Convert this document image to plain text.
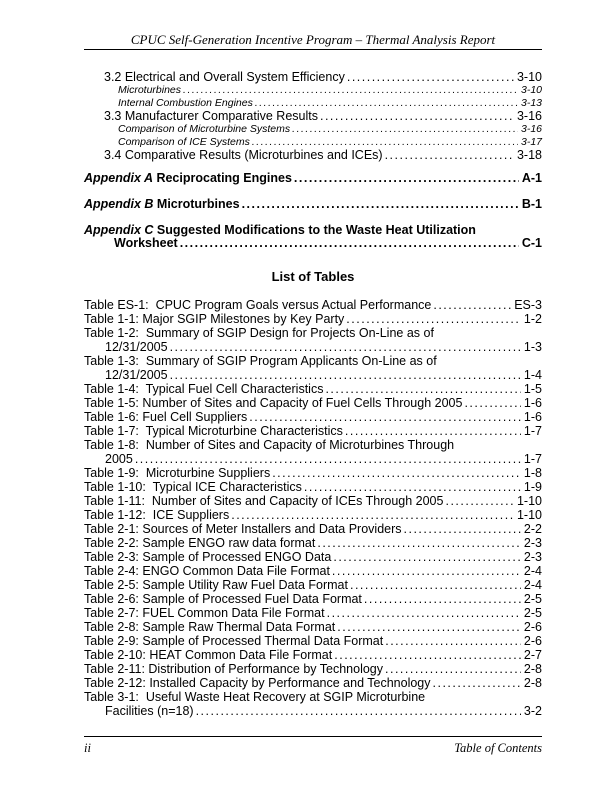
CPUC Self-Generation Incentive Program – Thermal Analysis Report
3.2 Electrical and Overall System Efficiency .....	3-10
Microturbines .....	3-10
Internal Combustion Engines .....	3-13
3.3 Manufacturer Comparative Results .....	3-16
Comparison of Microturbine Systems .....	3-16
Comparison of ICE Systems .....	3-17
3.4 Comparative Results (Microturbines and ICEs) .....	3-18
Appendix A Reciprocating Engines .....	A-1
Appendix B Microturbines .....	B-1
Appendix C Suggested Modifications to the Waste Heat Utilization
Worksheet .....	C-1
List of Tables
Table ES-1:  CPUC Program Goals versus Actual Performance .....	ES-3
Table 1-1: Major SGIP Milestones by Key Party .....	1-2
Table 1-2:  Summary of SGIP Design for Projects On-Line as of
12/31/2005 .....	1-3
Table 1-3:  Summary of SGIP Program Applicants On-Line as of
12/31/2005 .....	1-4
Table 1-4:  Typical Fuel Cell Characteristics .....	1-5
Table 1-5: Number of Sites and Capacity of Fuel Cells Through 2005 .....	1-6
Table 1-6: Fuel Cell Suppliers .....	1-6
Table 1-7:  Typical Microturbine Characteristics .....	1-7
Table 1-8:  Number of Sites and Capacity of Microturbines Through
2005 .....	1-7
Table 1-9:  Microturbine Suppliers .....	1-8
Table 1-10:  Typical ICE Characteristics .....	1-9
Table 1-11:  Number of Sites and Capacity of ICEs Through 2005 .....	1-10
Table 1-12:  ICE Suppliers .....	1-10
Table 2-1: Sources of Meter Installers and Data Providers .....	2-2
Table 2-2: Sample ENGO raw data format .....	2-3
Table 2-3: Sample of Processed ENGO Data .....	2-3
Table 2-4: ENGO Common Data File Format .....	2-4
Table 2-5: Sample Utility Raw Fuel Data Format .....	2-4
Table 2-6: Sample of Processed Fuel Data Format .....	2-5
Table 2-7: FUEL Common Data File Format .....	2-5
Table 2-8: Sample Raw Thermal Data Format .....	2-6
Table 2-9: Sample of Processed Thermal Data Format .....	2-6
Table 2-10: HEAT Common Data File Format .....	2-7
Table 2-11: Distribution of Performance by Technology .....	2-8
Table 2-12: Installed Capacity by Performance and Technology .....	2-8
Table 3-1:  Useful Waste Heat Recovery at SGIP Microturbine
Facilities (n=18) .....	3-2
ii	Table of Contents
